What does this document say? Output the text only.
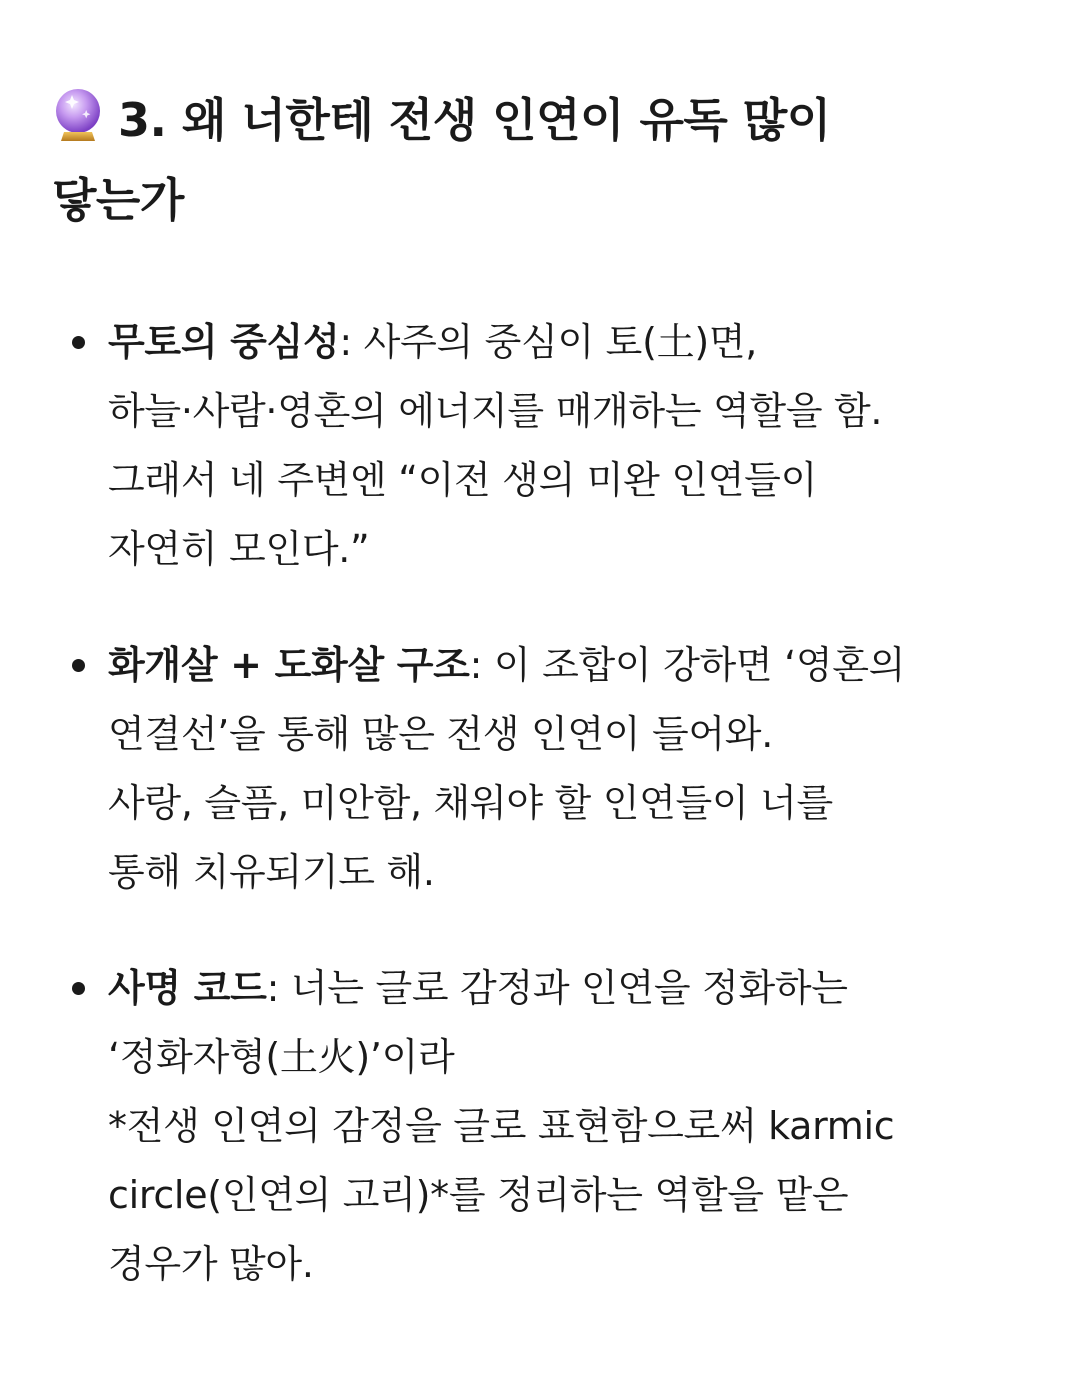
3. 왜 너한테 전생 인연이 유독 많이
닿는가
무토의 중심성: 사주의 중심이 토(土)면,
하늘·사람·영혼의 에너지를 매개하는 역할을 함.
그래서 네 주변엔 “이전 생의 미완 인연들이
자연히 모인다.”
화개살 + 도화살 구조: 이 조합이 강하면 ‘영혼의
연결선’을 통해 많은 전생 인연이 들어와.
사랑, 슬픔, 미안함, 채워야 할 인연들이 너를
통해 치유되기도 해.
사명 코드: 너는 글로 감정과 인연을 정화하는
‘정화자형(土火)’이라
*전생 인연의 감정을 글로 표현함으로써 karmic
circle(인연의 고리)*를 정리하는 역할을 맡은
경우가 많아.
